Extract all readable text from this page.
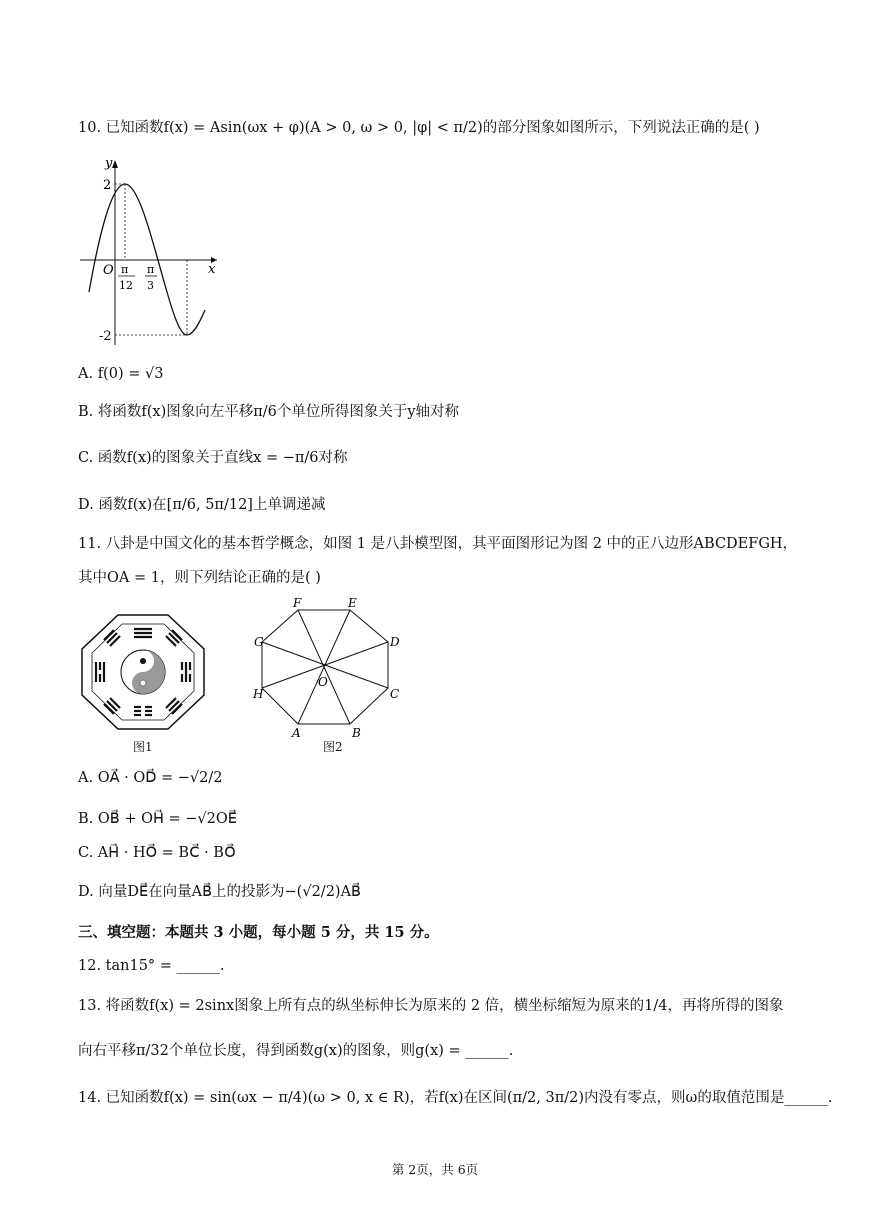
10. 已知函数f(x) = Asin(ωx + φ)(A > 0, ω > 0, |φ| < π/2)的部分图象如图所示，下列说法正确的是( )
y
x
O
2
-2
π
12
π
3
A. f(0) = √3
B. 将函数f(x)图象向左平移π/6个单位所得图象关于y轴对称
C. 函数f(x)的图象关于直线x = −π/6对称
D. 函数f(x)在[π/6, 5π/12]上单调递减
11. 八卦是中国文化的基本哲学概念，如图 1 是八卦模型图，其平面图形记为图 2 中的正八边形ABCDEFGH，
其中OA = 1，则下列结论正确的是( )
图1
F	E
D
C
B
A
H
G
O
图2
A. OA⃗ · OD⃗ = −√2/2
B. OB⃗ + OH⃗ = −√2OE⃗
C. AH⃗ · HO⃗ = BC⃗ · BO⃗
D. 向量DE⃗在向量AB⃗上的投影为−(√2/2)AB⃗
三、填空题：本题共 3 小题，每小题 5 分，共 15 分。
12. tan15° = ______.
13. 将函数f(x) = 2sinx图象上所有点的纵坐标伸长为原来的 2 倍，横坐标缩短为原来的1/4，再将所得的图象
向右平移π/32个单位长度，得到函数g(x)的图象，则g(x) = ______.
14. 已知函数f(x) = sin(ωx − π/4)(ω > 0, x ∈ R)，若f(x)在区间(π/2, 3π/2)内没有零点，则ω的取值范围是______.
第 2页，共 6页
